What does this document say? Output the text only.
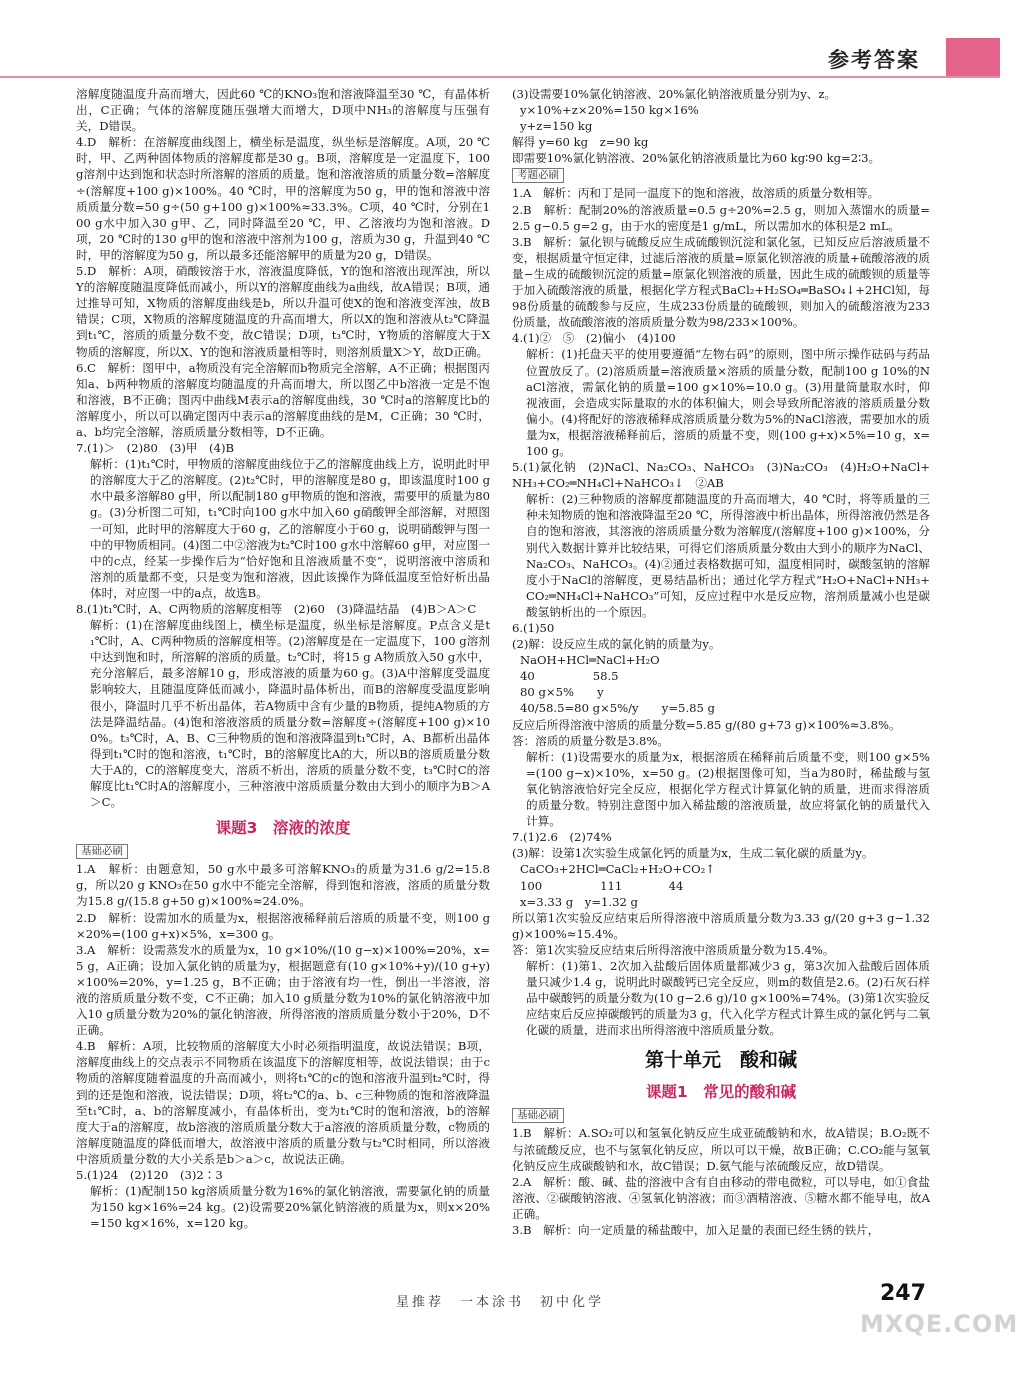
参考答案

溶解度随温度升高而增大，因此60 ℃的KNO₃饱和溶液降温至30 ℃，有晶体析出，C正确；气体的溶解度随压强增大而增大，D项中NH₃的溶解度与压强有关，D错误。

4.D　解析：在溶解度曲线图上，横坐标是温度，纵坐标是溶解度。A项，20 ℃时，甲、乙两种固体物质的溶解度都是30 g。B项，溶解度是一定温度下，100 g溶剂中达到饱和状态时所溶解的溶质的质量。饱和溶液溶质的质量分数=溶解度÷(溶解度+100 g)×100%。40 ℃时，甲的溶解度为50 g，甲的饱和溶液中溶质质量分数=50 g÷(50 g+100 g)×100%≈33.3%。C项，40 ℃时，分别在100 g水中加入30 g甲、乙，同时降温至20 ℃，甲、乙溶液均为饱和溶液。D项，20 ℃时的130 g甲的饱和溶液中溶剂为100 g，溶质为30 g，升温到40 ℃时，甲的溶解度为50 g，所以最多还能溶解甲的质量为20 g，D错误。

5.D　解析：A项，硝酸铵溶于水，溶液温度降低，Y的饱和溶液出现浑浊，所以Y的溶解度随温度降低而减小，所以Y的溶解度曲线为a曲线，故A错误；B项，通过推导可知，X物质的溶解度曲线是b，所以升温可使X的饱和溶液变浑浊，故B错误；C项，X物质的溶解度随温度的升高而增大，所以X的饱和溶液从t₂℃降温到t₁℃，溶质的质量分数不变，故C错误；D项，t₃℃时，Y物质的溶解度大于X物质的溶解度，所以X、Y的饱和溶液质量相等时，则溶剂质量X＞Y，故D正确。

6.C　解析：图甲中，a物质没有完全溶解而b物质完全溶解，A不正确；根据图丙知a、b两种物质的溶解度均随温度的升高而增大，所以图乙中b溶液一定是不饱和溶液，B不正确；图丙中曲线M表示a的溶解度曲线，30 ℃时a的溶解度比b的溶解度小，所以可以确定图丙中表示a的溶解度曲线的是M，C正确；30 ℃时，a、b均完全溶解，溶质质量分数相等，D不正确。

7.(1)＞　(2)80　(3)甲　(4)B

解析：(1)t₁℃时，甲物质的溶解度曲线位于乙的溶解度曲线上方，说明此时甲的溶解度大于乙的溶解度。(2)t₂℃时，甲的溶解度是80 g，即该温度时100 g水中最多溶解80 g甲，所以配制180 g甲物质的饱和溶液，需要甲的质量为80 g。(3)分析图二可知，t₁℃时向100 g水中加入60 g硝酸钾全部溶解，对照图一可知，此时甲的溶解度大于60 g，乙的溶解度小于60 g，说明硝酸钾与图一中的甲物质相同。(4)图二中②溶液为t₂℃时100 g水中溶解60 g甲，对应图一中的c点，经某一步操作后为“恰好饱和且溶液质量不变”，说明溶液中溶质和溶剂的质量都不变，只是变为饱和溶液，因此该操作为降低温度至恰好析出晶体时，对应图一中的a点，故选B。

8.(1)t₁℃时，A、C两物质的溶解度相等　(2)60　(3)降温结晶　(4)B＞A＞C

解析：(1)在溶解度曲线图上，横坐标是温度，纵坐标是溶解度。P点含义是t₁℃时，A、C两种物质的溶解度相等。(2)溶解度是在一定温度下，100 g溶剂中达到饱和时，所溶解的溶质的质量。t₂℃时，将15 g A物质放入50 g水中，充分溶解后，最多溶解10 g，形成溶液的质量为60 g。(3)A中溶解度受温度影响较大，且随温度降低而减小，降温时晶体析出，而B的溶解度受温度影响很小，降温时几乎不析出晶体，若A物质中含有少量的B物质，提纯A物质的方法是降温结晶。(4)饱和溶液溶质的质量分数=溶解度÷(溶解度+100 g)×100%。t₃℃时，A、B、C三种物质的饱和溶液降温到t₁℃时，A、B都析出晶体得到t₁℃时的饱和溶液，t₁℃时，B的溶解度比A的大，所以B的溶质质量分数大于A的，C的溶解度变大，溶质不析出，溶质的质量分数不变，t₃℃时C的溶解度比t₁℃时A的溶解度小，三种溶液中溶质质量分数由大到小的顺序为B＞A＞C。

课题3　溶液的浓度
基础必刷

1.A　解析：由题意知，50 g水中最多可溶解KNO₃的质量为31.6 g/2=15.8 g，所以20 g KNO₃在50 g水中不能完全溶解，得到饱和溶液，溶质的质量分数为15.8 g/(15.8 g+50 g)×100%≈24.0%。

2.D　解析：设需加水的质量为x，根据溶液稀释前后溶质的质量不变，则100 g×20%=(100 g+x)×5%，x=300 g。

3.A　解析：设需蒸发水的质量为x，10 g×10%/(10 g−x)×100%=20%，x=5 g，A正确；设加入氯化钠的质量为y，根据题意有(10 g×10%+y)/(10 g+y)×100%=20%，y=1.25 g，B不正确；由于溶液有均一性，倒出一半溶液，溶液的溶质质量分数不变，C不正确；加入10 g质量分数为10%的氯化钠溶液中加入10 g质量分数为20%的氯化钠溶液，所得溶液的溶质质量分数小于20%，D不正确。

4.B　解析：A项，比较物质的溶解度大小时必须指明温度，故说法错误；B项，溶解度曲线上的交点表示不同物质在该温度下的溶解度相等，故说法错误；由于c物质的溶解度随着温度的升高而减小，则将t₁℃的c的饱和溶液升温到t₂℃时，得到的还是饱和溶液，说法错误；D项，将t₂℃的a、b、c三种物质的饱和溶液降温至t₁℃时，a、b的溶解度减小，有晶体析出，变为t₁℃时的饱和溶液，b的溶解度大于a的溶解度，故b溶液的溶质质量分数大于a溶液的溶质质量分数，c物质的溶解度随温度的降低而增大，故溶液中溶质的质量分数与t₂℃时相同，所以溶液中溶质质量分数的大小关系是b＞a＞c，故说法正确。

5.(1)24　(2)120　(3)2∶3

解析：(1)配制150 kg溶质质量分数为16%的氯化钠溶液，需要氯化钠的质量为150 kg×16%=24 kg。(2)设需要20%氯化钠溶液的质量为x，则x×20%=150 kg×16%，x=120 kg。

(3)设需要10%氯化钠溶液、20%氯化钠溶液质量分别为y、z。

y×10%+z×20%=150 kg×16%
y+z=150 kg

解得 y=60 kg　z=90 kg

即需要10%氯化钠溶液、20%氯化钠溶液质量比为60 kg∶90 kg=2∶3。

考题必刷

1.A　解析：丙和丁是同一温度下的饱和溶液，故溶质的质量分数相等。

2.B　解析：配制20%的溶液质量=0.5 g÷20%=2.5 g，则加入蒸馏水的质量=2.5 g−0.5 g=2 g，由于水的密度是1 g/mL，所以需加水的体积是2 mL。

3.B　解析：氯化钡与硫酸反应生成硫酸钡沉淀和氯化氢，已知反应后溶液质量不变，根据质量守恒定律，过滤后溶液的质量=原氯化钡溶液的质量+硫酸溶液的质量−生成的硫酸钡沉淀的质量=原氯化钡溶液的质量，因此生成的硫酸钡的质量等于加入硫酸溶液的质量，根据化学方程式BaCl₂+H₂SO₄═BaSO₄↓+2HCl知，每98份质量的硫酸参与反应，生成233份质量的硫酸钡，则加入的硫酸溶液为233份质量，故硫酸溶液的溶质质量分数为98/233×100%。

4.(1)②　⑤　(2)偏小　(4)100

解析：(1)托盘天平的使用要遵循“左物右码”的原则，图中所示操作砝码与药品位置放反了。(2)溶质质量=溶液质量×溶质的质量分数，配制100 g 10%的NaCl溶液，需氯化钠的质量=100 g×10%=10.0 g。(3)用量筒量取水时，仰视液面，会造成实际量取的水的体积偏大，则会导致所配溶液的溶质质量分数偏小。(4)将配好的溶液稀释成溶质质量分数为5%的NaCl溶液，需要加水的质量为x，根据溶液稀释前后，溶质的质量不变，则(100 g+x)×5%=10 g，x=100 g。

5.(1)氯化钠　(2)NaCl、Na₂CO₃、NaHCO₃　(3)Na₂CO₃　(4)H₂O+NaCl+NH₃+CO₂═NH₄Cl+NaHCO₃↓　②AB

解析：(2)三种物质的溶解度都随温度的升高而增大，40 ℃时，将等质量的三种未知物质的饱和溶液降温至20 ℃，所得溶液中析出晶体，所得溶液仍然是各自的饱和溶液，其溶液的溶质质量分数为溶解度/(溶解度+100 g)×100%，分别代入数据计算并比较结果，可得它们溶质质量分数由大到小的顺序为NaCl、Na₂CO₃、NaHCO₃。(4)②通过表格数据可知，温度相同时，碳酸氢钠的溶解度小于NaCl的溶解度，更易结晶析出；通过化学方程式“H₂O+NaCl+NH₃+CO₂═NH₄Cl+NaHCO₃”可知，反应过程中水是反应物，溶剂质量减小也是碳酸氢钠析出的一个原因。

6.(1)50

(2)解：设反应生成的氯化钠的质量为y。

NaOH+HCl═NaCl+H₂O
40　　　　　58.5
80 g×5%　　y
40/58.5=80 g×5%/y　　y=5.85 g

反应后所得溶液中溶质的质量分数=5.85 g/(80 g+73 g)×100%≈3.8%。

答：溶质的质量分数是3.8%。

解析：(1)设需要水的质量为x，根据溶质在稀释前后质量不变，则100 g×5%=(100 g−x)×10%，x=50 g。(2)根据图像可知，当a为80时，稀盐酸与氢氧化钠溶液恰好完全反应，根据化学方程式计算氯化钠的质量，进而求得溶质的质量分数。特别注意图中加入稀盐酸的溶液质量，故应将氯化钠的质量代入计算。

7.(1)2.6　(2)74%

(3)解：设第1次实验生成氯化钙的质量为x，生成二氧化碳的质量为y。

CaCO₃+2HCl═CaCl₂+H₂O+CO₂↑
100　　　　　111　　　　44
x=3.33 g　y=1.32 g

所以第1次实验反应结束后所得溶液中溶质质量分数为3.33 g/(20 g+3 g−1.32 g)×100%≈15.4%。

答：第1次实验反应结束后所得溶液中溶质质量分数为15.4%。

解析：(1)第1、2次加入盐酸后固体质量都减少3 g，第3次加入盐酸后固体质量只减少1.4 g，说明此时碳酸钙已完全反应，则m的数值是2.6。(2)石灰石样品中碳酸钙的质量分数为(10 g−2.6 g)/10 g×100%=74%。(3)第1次实验反应结束后反应掉碳酸钙的质量为3 g，代入化学方程式计算生成的氯化钙与二氧化碳的质量，进而求出所得溶液中溶质质量分数。

第十单元　酸和碱
课题1　常见的酸和碱
基础必刷

1.B　解析：A.SO₂可以和氢氧化钠反应生成亚硫酸钠和水，故A错误；B.O₂既不与浓硫酸反应，也不与氢氧化钠反应，所以可以干燥，故B正确；C.CO₂能与氢氧化钠反应生成碳酸钠和水，故C错误；D.氨气能与浓硫酸反应，故D错误。

2.A　解析：酸、碱、盐的溶液中含有自由移动的带电微粒，可以导电，如①食盐溶液、②碳酸钠溶液、④氢氧化钠溶液；而③酒精溶液、⑤糖水都不能导电，故A正确。

3.B　解析：向一定质量的稀盐酸中，加入足量的表面已经生锈的铁片，

星推荐　一本涂书　初中化学	247
MXQE.COM
